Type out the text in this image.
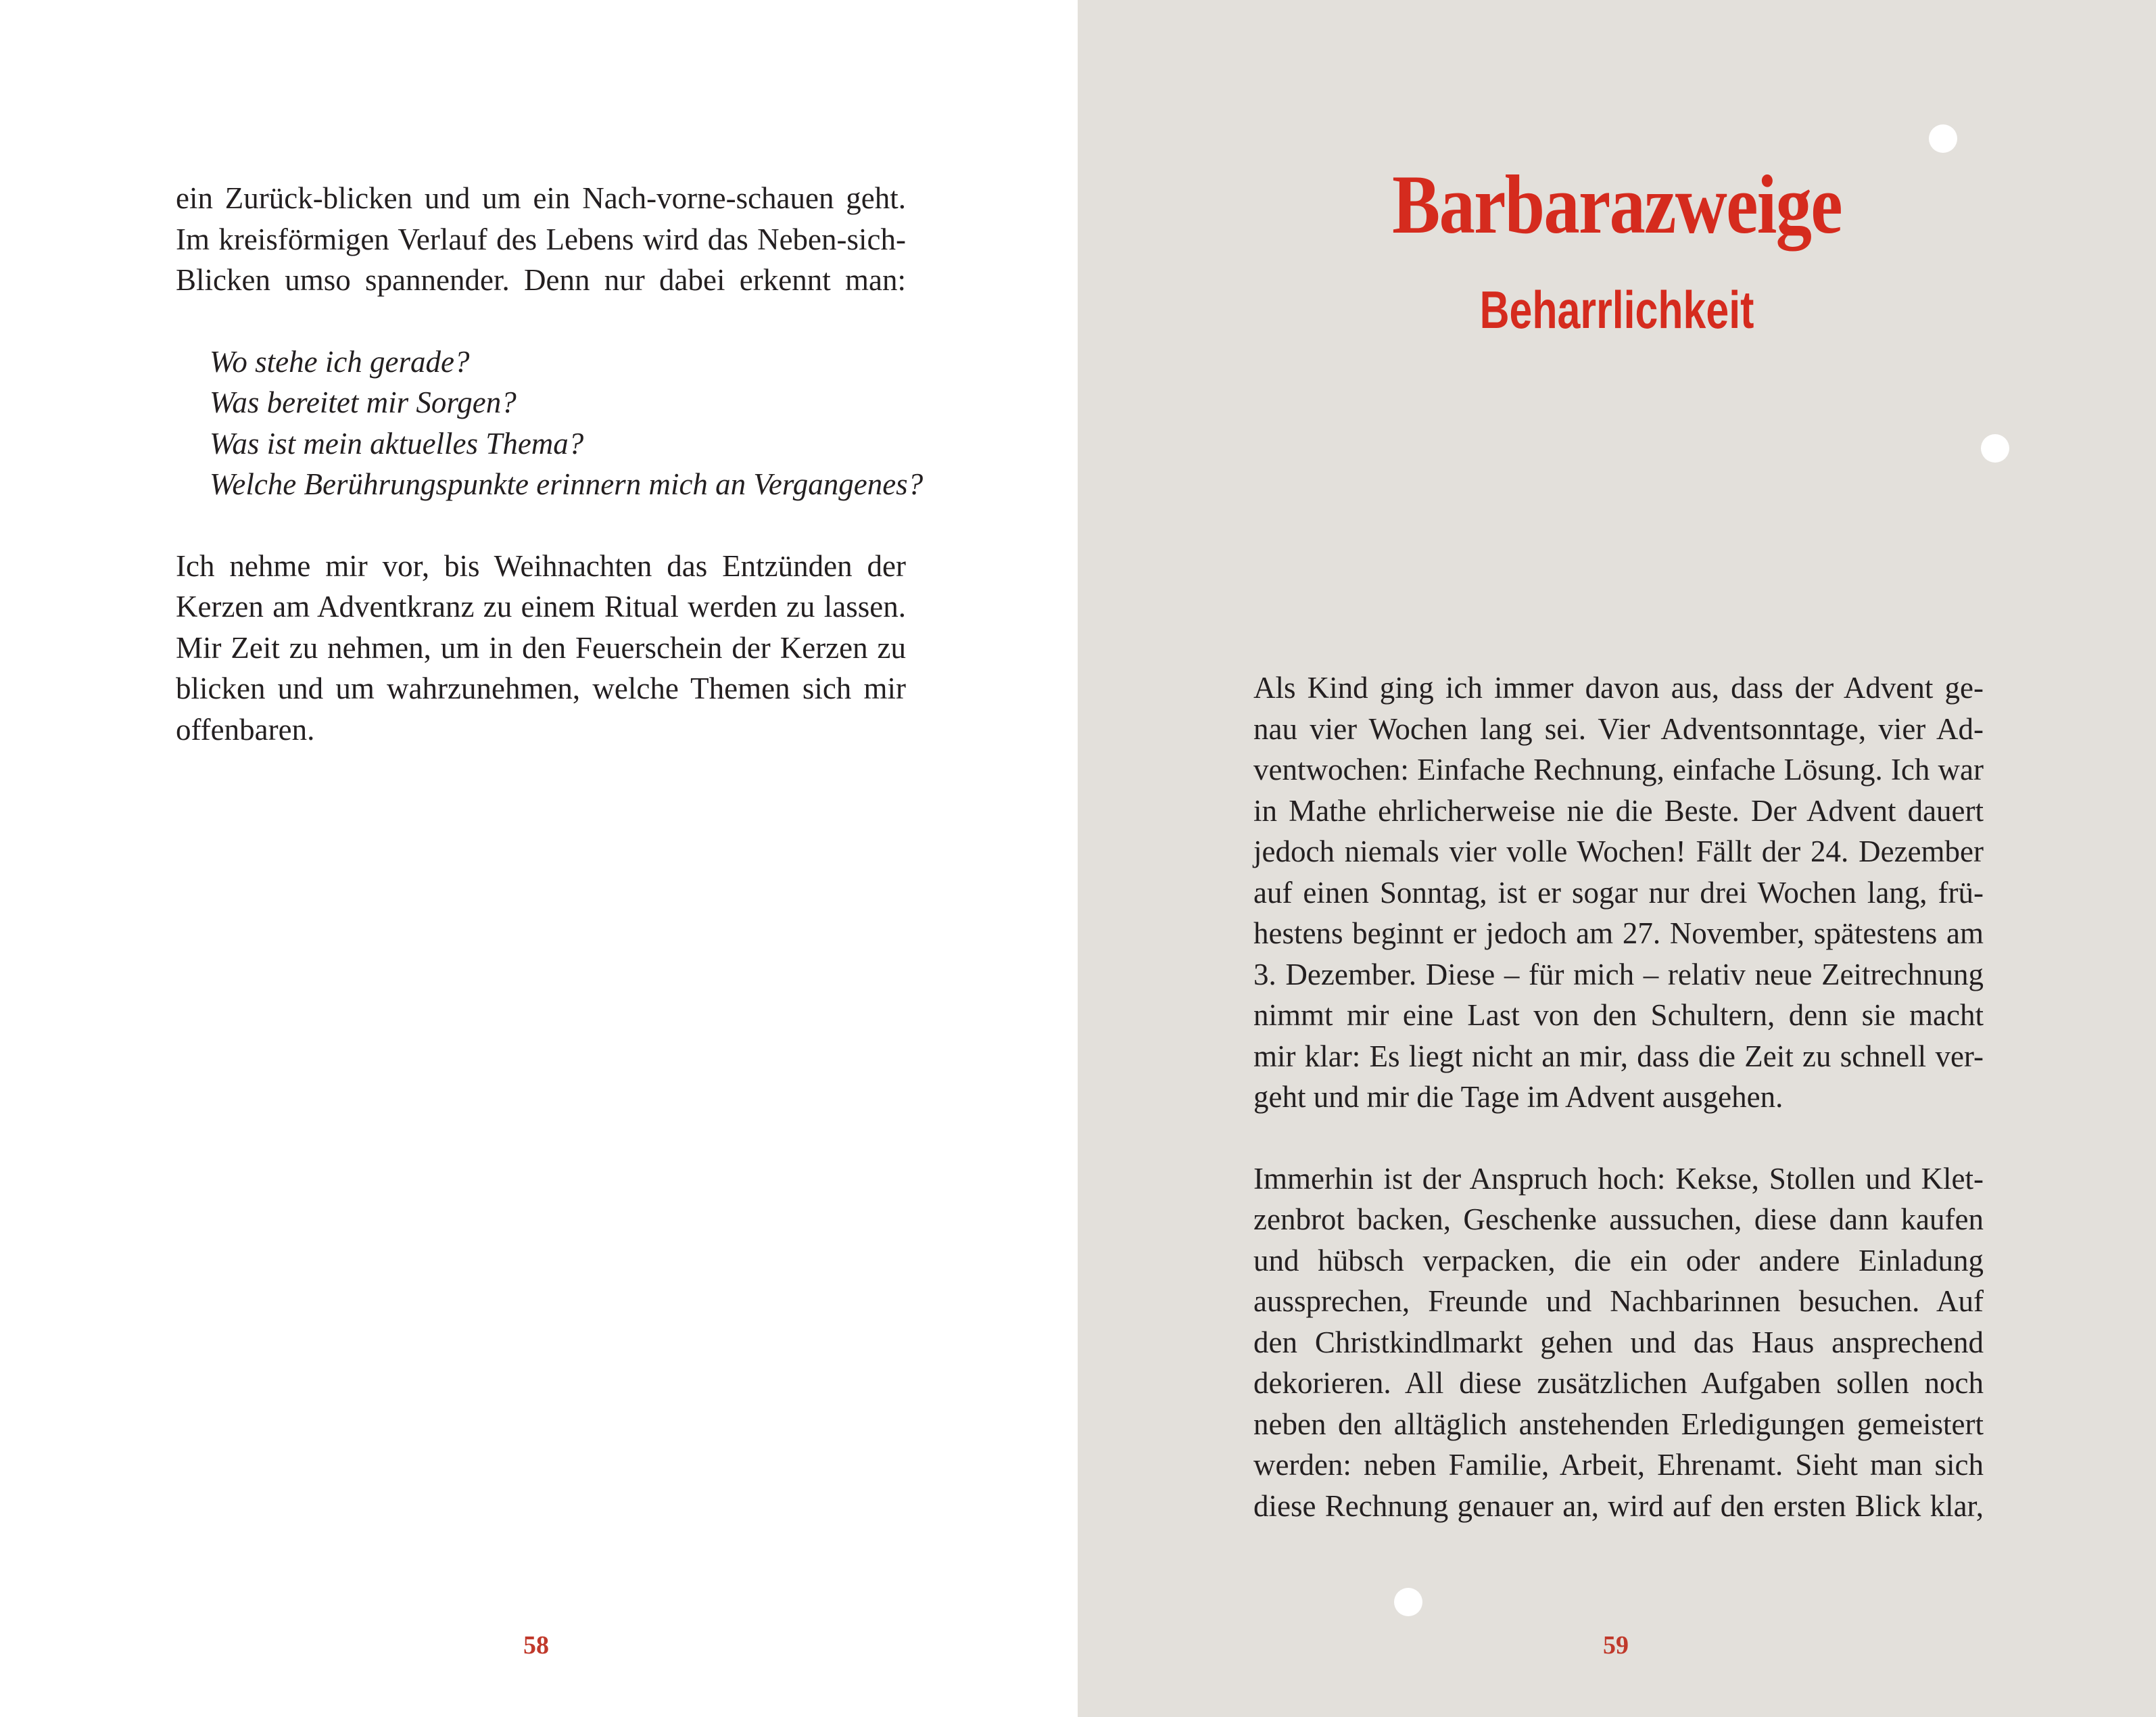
ein Zurück-blicken und um ein Nach-vorne-schauen geht.
Im kreisförmigen Verlauf des Lebens wird das Neben-sich-
Blicken umso spannender. Denn nur dabei erkennt man:

Wo stehe ich gerade?
Was bereitet mir Sorgen?
Was ist mein aktuelles Thema?
Welche Berührungspunkte erinnern mich an Vergangenes?

Ich nehme mir vor, bis Weihnachten das Entzünden der
Kerzen am Adventkranz zu einem Ritual werden zu lassen.
Mir Zeit zu nehmen, um in den Feuerschein der Kerzen zu
blicken und um wahrzunehmen, welche Themen sich mir
offenbaren.

58
Barbarazweige
Beharrlichkeit

Als Kind ging ich immer davon aus, dass der Advent ge-
nau vier Wochen lang sei. Vier Adventsonntage, vier Ad-
ventwochen: Einfache Rechnung, einfache Lösung. Ich war
in Mathe ehrlicherweise nie die Beste. Der Advent dauert
jedoch niemals vier volle Wochen! Fällt der 24. Dezember
auf einen Sonntag, ist er sogar nur drei Wochen lang, frü-
hestens beginnt er jedoch am 27. November, spätestens am
3. Dezember. Diese – für mich – relativ neue Zeitrechnung
nimmt mir eine Last von den Schultern, denn sie macht
mir klar: Es liegt nicht an mir, dass die Zeit zu schnell ver-
geht und mir die Tage im Advent ausgehen.

Immerhin ist der Anspruch hoch: Kekse, Stollen und Klet-
zenbrot backen, Geschenke aussuchen, diese dann kaufen
und hübsch verpacken, die ein oder andere Einladung
aussprechen, Freunde und Nachbarinnen besuchen. Auf
den Christkindlmarkt gehen und das Haus ansprechend
dekorieren. All diese zusätzlichen Aufgaben sollen noch
neben den alltäglich anstehenden Erledigungen gemeistert
werden: neben Familie, Arbeit, Ehrenamt. Sieht man sich
diese Rechnung genauer an, wird auf den ersten Blick klar,

59
